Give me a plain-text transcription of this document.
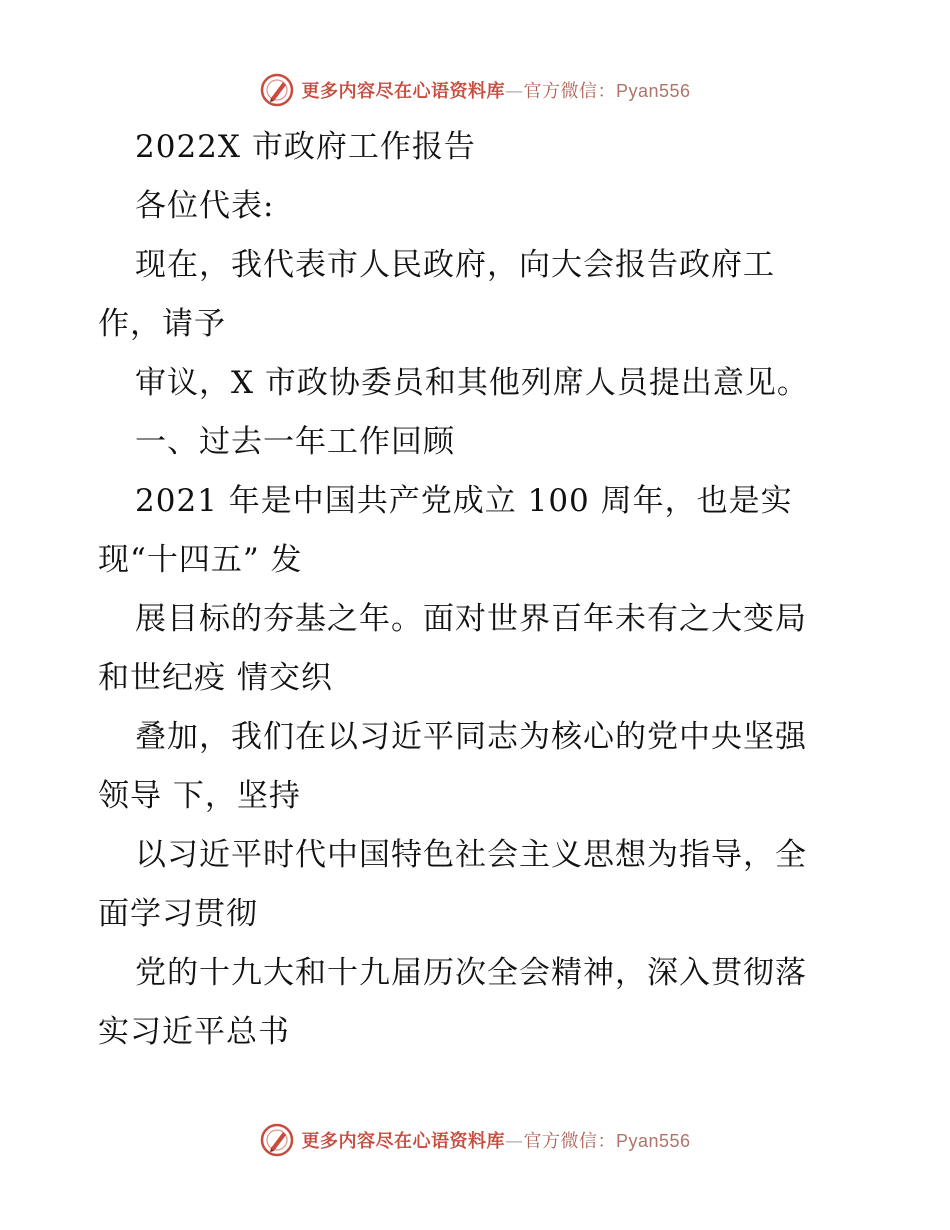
更多内容尽在心语资料库—官方微信：Pyan556
2022X 市政府工作报告
各位代表:
现在，我代表市人民政府，向大会报告政府工
作，请予
审议，X 市政协委员和其他列席人员提出意见。
一、过去一年工作回顾
2021 年是中国共产党成立 100 周年，也是实
现“十四五” 发
展目标的夯基之年。面对世界百年未有之大变局
和世纪疫 情交织
叠加，我们在以习近平同志为核心的党中央坚强
领导 下，坚持
以习近平时代中国特色社会主义思想为指导，全
面学习贯彻
党的十九大和十九届历次全会精神，深入贯彻落
实习近平总书
更多内容尽在心语资料库—官方微信：Pyan556
